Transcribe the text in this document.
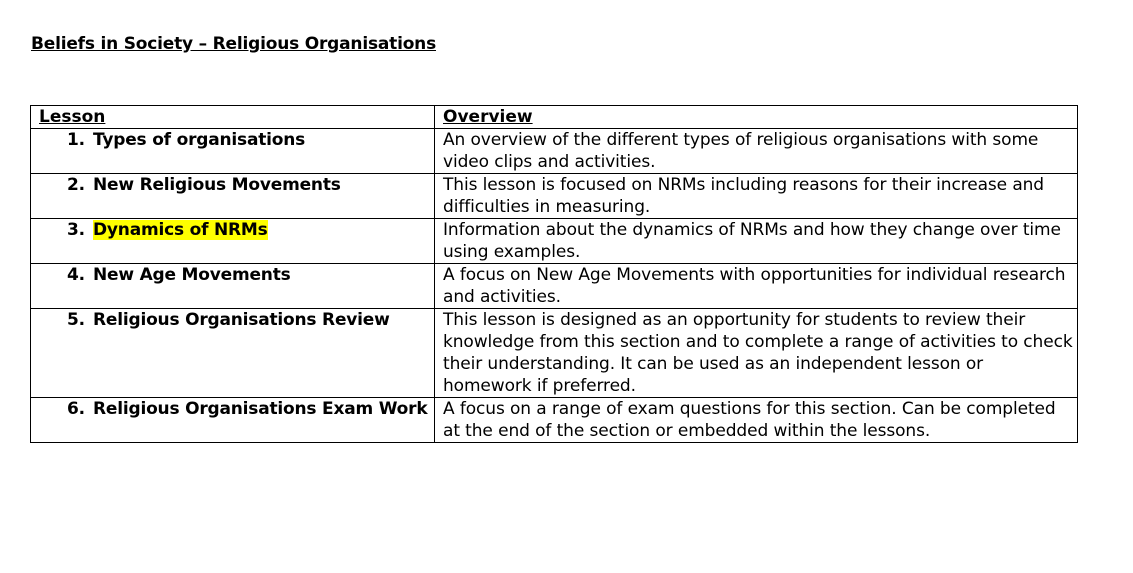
Beliefs in Society – Religious Organisations
Lesson	Overview
1. Types of organisations	An overview of the different types of religious organisations with some video clips and activities.
2. New Religious Movements	This lesson is focused on NRMs including reasons for their increase and difficulties in measuring.
3. Dynamics of NRMs	Information about the dynamics of NRMs and how they change over time using examples.
4. New Age Movements	A focus on New Age Movements with opportunities for individual research and activities.
5. Religious Organisations Review	This lesson is designed as an opportunity for students to review their knowledge from this section and to complete a range of activities to check their understanding. It can be used as an independent lesson or homework if preferred.
6. Religious Organisations Exam Work	A focus on a range of exam questions for this section. Can be completed at the end of the section or embedded within the lessons.
